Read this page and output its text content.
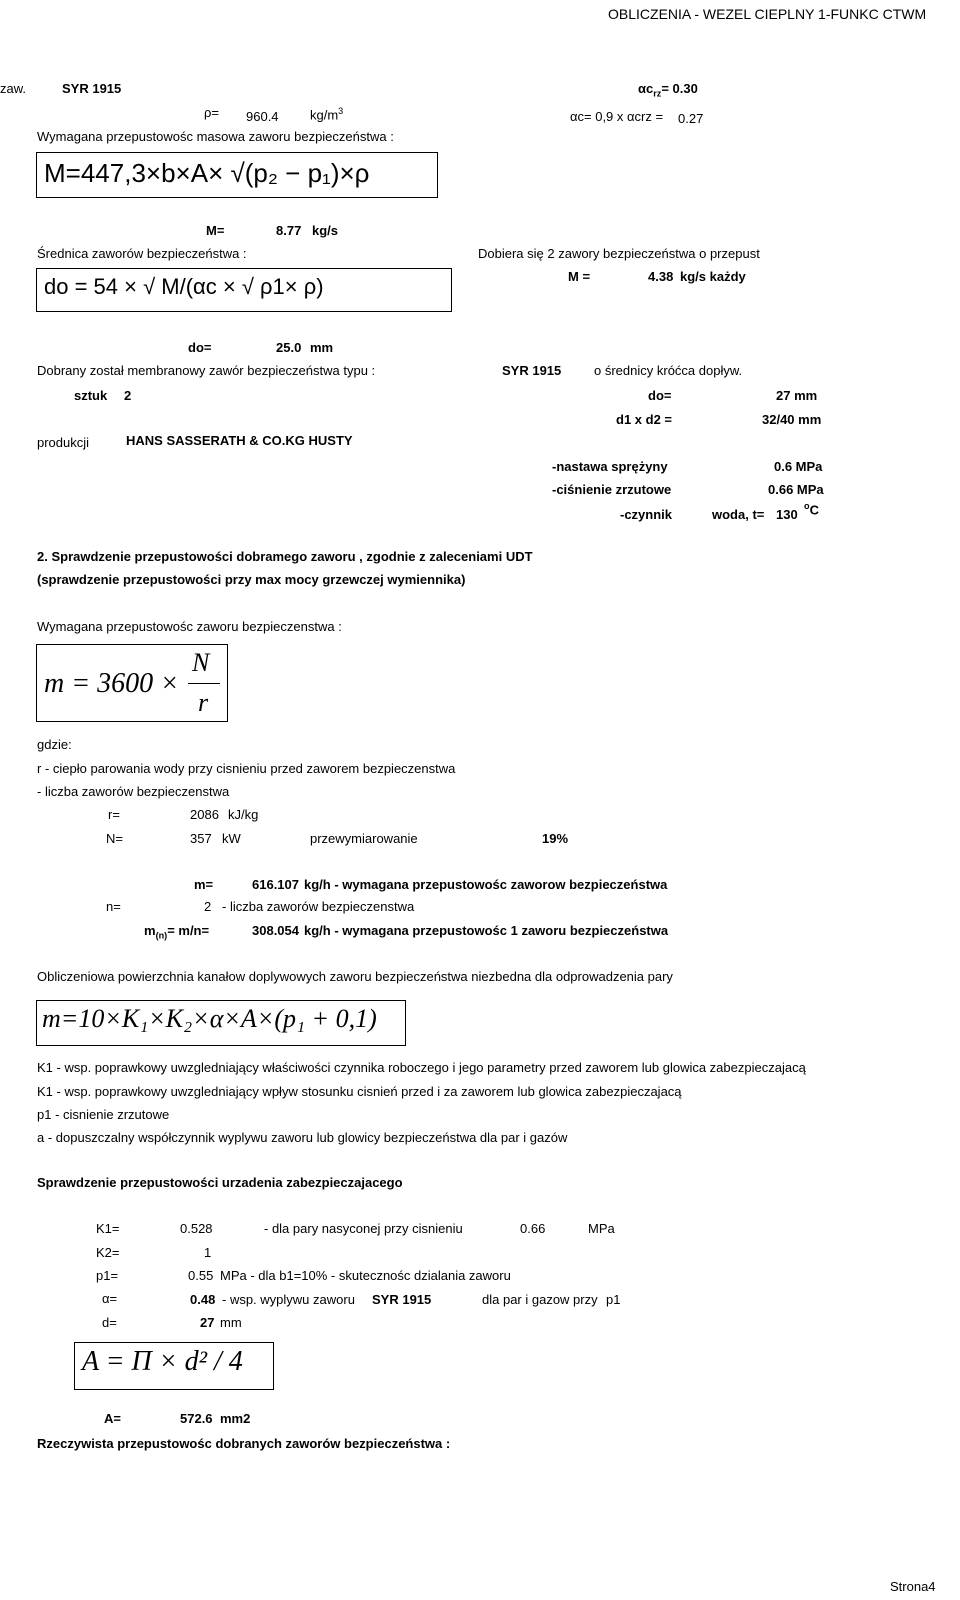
OBLICZENIA - WEZEL CIEPLNY 1-FUNKC CTWM
zaw.	SYR 1915	$\alpha c_{rz}= 0.30$
ρ= 960.4 $kg/m^3$	αc= 0,9 x αcrz = 0.27
Wymagana przepustowośc masowa zaworu bezpieczeństwa :
M=447,3×b×A× √(p₂ − p₁)×ρ
M=	8.77 kg/s
Średnica zaworów bezpieczeństwa :
do = 54 × √ M/(αc × √ ρ1× ρ)
Dobiera się 2 zawory bezpieczeństwa o przepust
M =	4.38 kg/s każdy
do=	25.0 mm
Dobrany został membranowy zawór bezpieczeństwa typu :	SYR 1915	o średnicy króćca dopływ.
sztuk 2	do=	27 mm
d1 x d2 =	32/40 mm
produkcji	HANS SASSERATH & CO.KG HUSTY
-nastawa sprężyny	0.6 MPa
-ciśnienie zrzutowe	0.66 MPa
-czynnik	woda, t= 130
$^o$C
2. Sprawdzenie przepustowości dobramego zaworu , zgodnie z zaleceniami UDT
(sprawdzenie przepustowości przy max mocy grzewczej wymiennika)
Wymagana przepustowośc zaworu bezpieczenstwa :
m = 3600 ×
N
r
gdzie:
r - ciepło parowania wody przy cisnieniu przed zaworem bezpieczenstwa
- liczba zaworów bezpieczenstwa
r=	2086 kJ/kg
N=	357 kW	przewymiarowanie	19%
m=	616.107 kg/h - wymagana przepustowośc zaworow bezpieczeństwa
n=	2 - liczba zaworów bezpieczenstwa
$m_{(n)}= m/n=$	308.054 kg/h - wymagana przepustowośc 1 zaworu bezpieczeństwa
Obliczeniowa powierzchnia kanałow doplywowych zaworu bezpieczeństwa niezbedna dla odprowadzenia pary
m=10×K₁×K₂×α×A×(p₁ + 0,1)
K1 - wsp. poprawkowy uwzgledniający właściwości czynnika roboczego i jego parametry przed zaworem lub glowica zabezpieczajacą
K1 - wsp. poprawkowy uwzgledniający wpływ stosunku cisnień przed i za zaworem lub glowica zabezpieczajacą
p1 - cisnienie zrzutowe
a - dopuszczalny współczynnik wyplywu zaworu lub glowicy bezpieczeństwa dla par i gazów
Sprawdzenie przepustowości urzadenia zabezpieczajacego
K1=	0.528	- dla pary nasyconej przy cisnieniu	0.66	MPa
K2=	1
p1=	0.55 MPa - dla b1=10% - skutecznośc dzialania zaworu
α=	0.48 - wsp. wyplywu zaworu SYR 1915	dla par i gazow przy p1
d=	27 mm
A = Π × d² / 4
A=	572.6 mm2
Rzeczywista przepustowośc dobranych zaworów bezpieczeństwa :
Strona4
